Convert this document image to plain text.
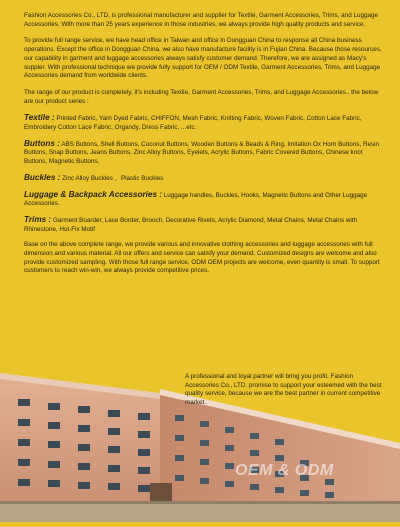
Fashion Accessories Co., LTD. is professional manufacturer and supplier for Textile, Garment Accessories, Trims, and Luggage Accessories. With more than 25 years experience in those industries, we always provide high quality products and service.

To provide full range service, we have head office in Taiwan and office in Dongguan China to response all China business operations. Except the office in Dongguan China, we also have manufacture facility is in Fujian China. Because those resources, our capability in garment and luggage accessories always satisfy customer demand. Therefore, we are assigned as Macy's suppler. With professional technique we provide fully support for OEM / ODM Textile, Garment Accessories, Trims, and Luggage Accessories demand from worldwide clients.

The range of our product is completely, it's including Textile, Garment Accessories, Trims, and Luggage Accessories., the below are our product series :

Textile : Printed Fabric, Yarn Dyed Fabric, CHIFFON, Mesh Fabric, Knitting Fabric, Woven Fabric, Cotton Lace Fabric, Embroidery Cotton Lace Fabric, Organdy, Dress Fabric, ...etc.

Buttons : ABS Buttons, Shell Buttons, Coconut Buttons, Wooden Buttons & Beads & Ring, Imitation Ox Horn Buttons, Resin Buttons, Snap Buttons, Jeans Buttons, Zinc Alloy Buttons, Eyelets, Acrylic Buttons, Fabric Covered Buttons, Chinese knot Buttons, Magnetic Buttons,

Buckles : Zinc Alloy Buckles 、Plastic Buckles

Luggage & Backpack Accessories : Luggage handles, Buckles, Hooks, Magnetic Buttons and Other Luggage Accessories.

Trims : Garment Boarder, Lace Border, Brooch, Decorative Rivets, Acrylic Diamond, Metal Chains, Metal Chains with Rhinestone, Hot-Fix Motif

Base on the above complete range, we provide various and innovative clothing accessories and luggage accessories with full dimension and various material. All our offers and service can satisfy your demand. Customized designs are welcome and also provide customized sampling. With those full range service, ODM OEM projects are welcome, even quantity is small. To support customers to reach win-win, we always provide competitive prices.

A professional and loyal partner will bring you profit. Fashion Accessories Co., LTD. promise to support your esteemed with the best quality service, because we are the best partner in current competitive market.

OEM & ODM
